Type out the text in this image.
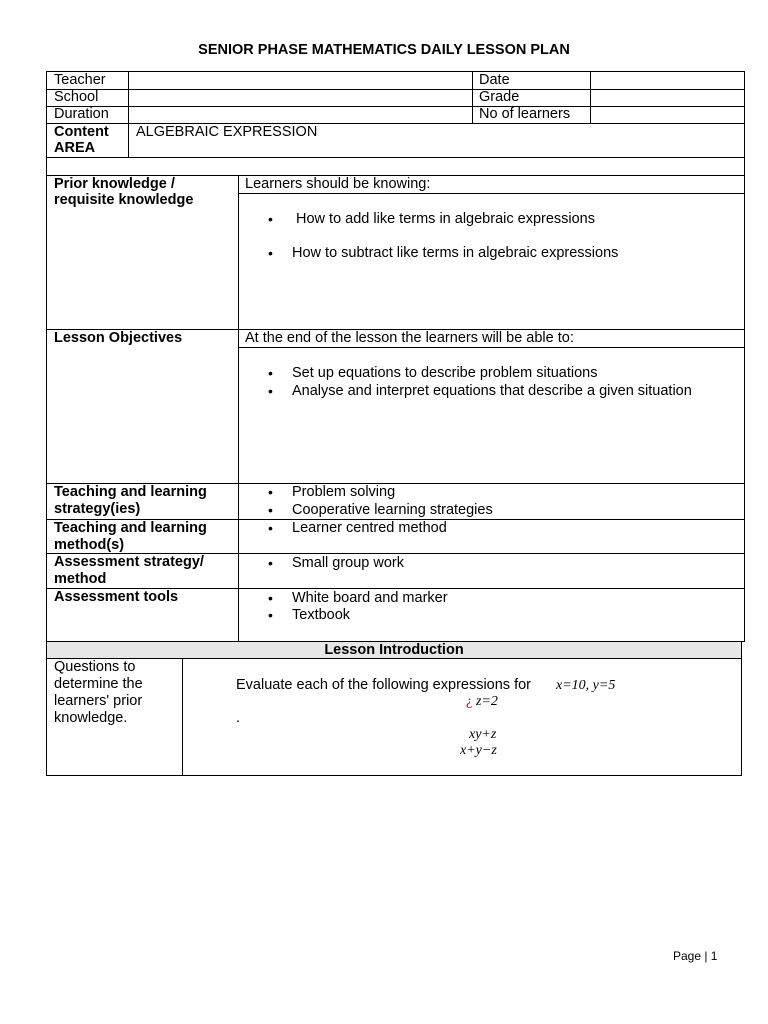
SENIOR PHASE MATHEMATICS DAILY LESSON PLAN
Teacher
School
Duration
Date
Grade
No of learners
Content
AREA
ALGEBRAIC EXPRESSION
Prior knowledge /
requisite knowledge
Learners should be knowing:
• How to add like terms in algebraic expressions
• How to subtract like terms in algebraic expressions
Lesson Objectives	At the end of the lesson the learners will be able to:
• Set up equations to describe problem situations
• Analyse and interpret equations that describe a given situation
Teaching and learning
strategy(ies)
• Problem solving
• Cooperative learning strategies
Teaching and learning
method(s)
• Learner centred method
Assessment strategy/
method
• Small group work
Assessment tools	• White board and marker
• Textbook
Lesson Introduction
Questions to
determine the
learners' prior
knowledge.
Evaluate each of the following expressions for x=10, y=5
¿ z=2
.
xy+z
x+y−z
Page | 1
